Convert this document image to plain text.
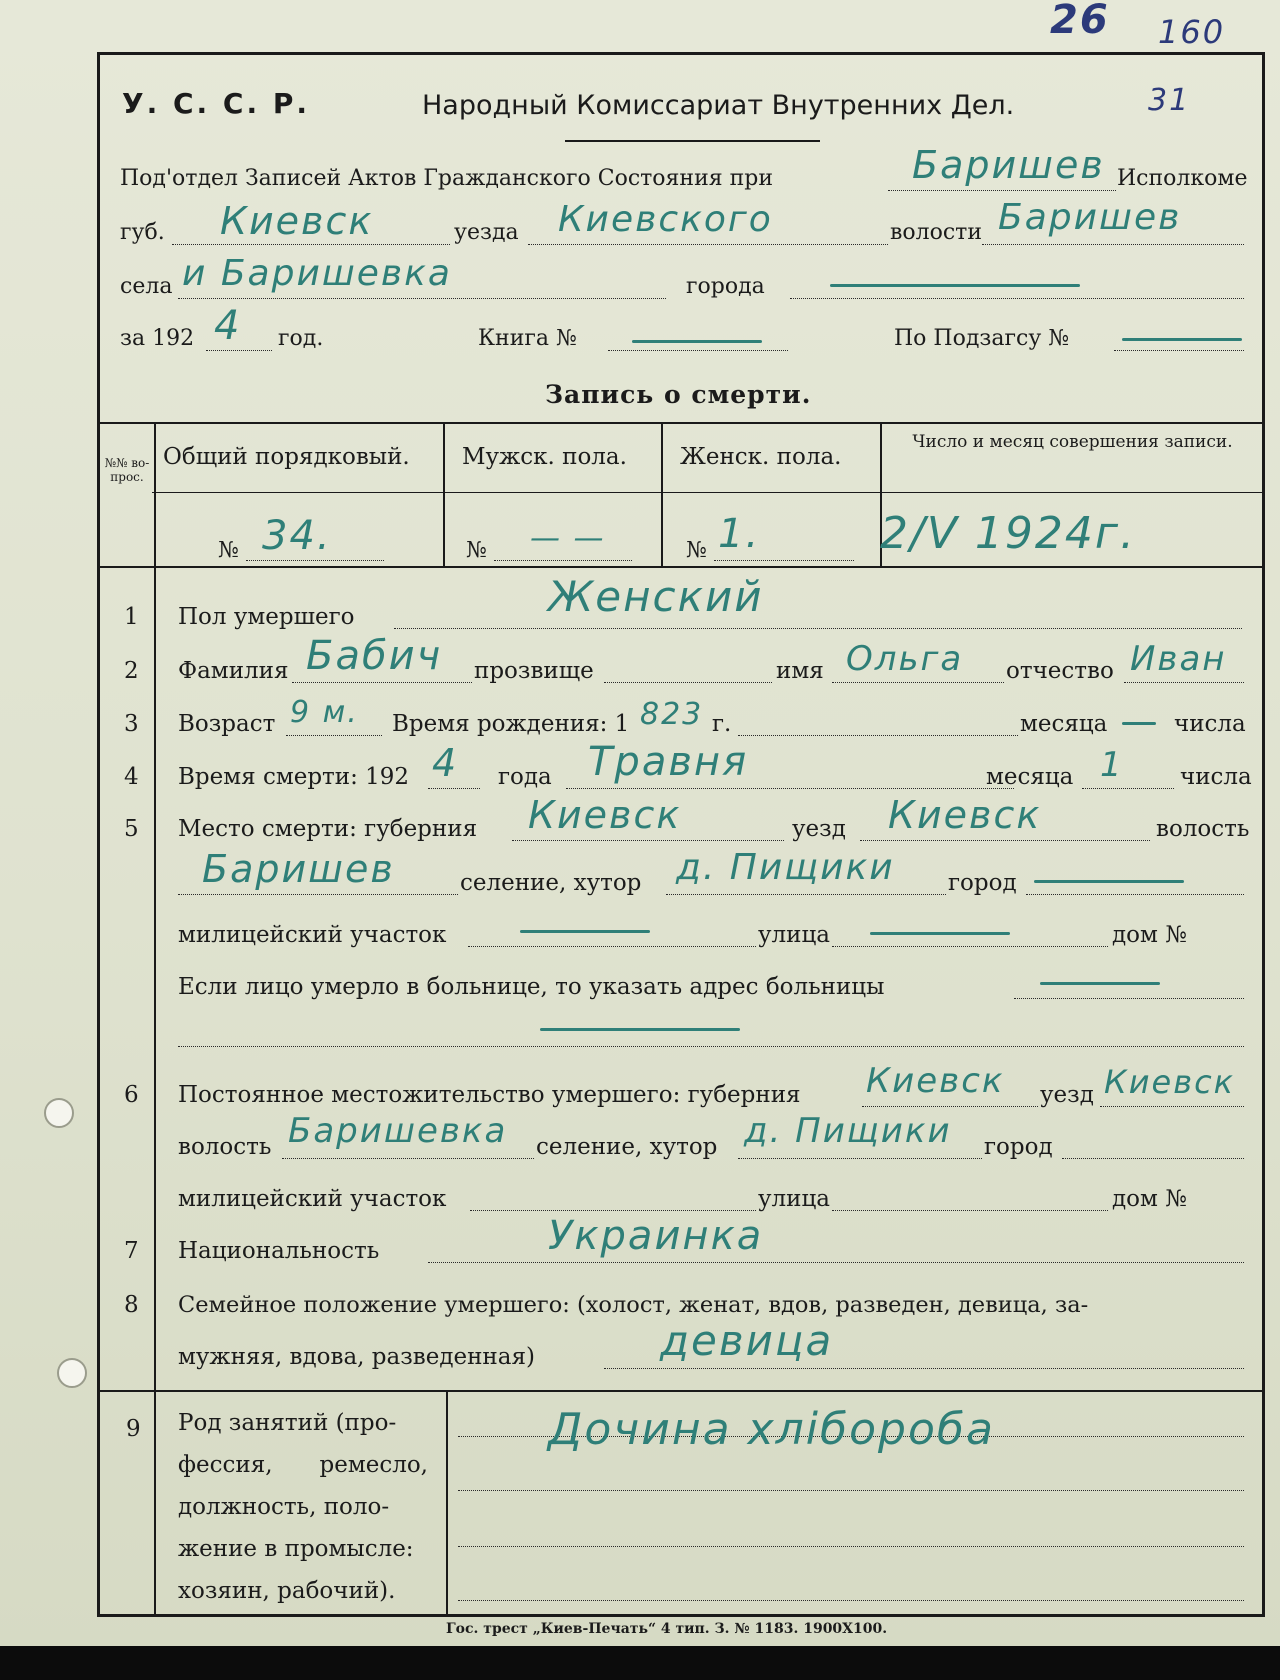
26 160
У. С. С. Р.	Народный Комиссариат Внутренних Дел.	31
Под'отдел Записей Актов Гражданского Состояния при	Баришев Исполкоме
губ. Киевск	уезда Киевского	волости Баришев
села и Баришевка	города
за 192 4 год.	Книга №	По Подзагсу №
Запись о смерти.
№№ во-прос.
Общий порядковый. Мужск. пола. Женск. пола.
Число и месяц совершения записи.
№ 34.	№ — —	№ 1.	2/V 1924г.
1 Пол умершего	Женский
2 Фамилия Бабич прозвище	имя Ольга отчество Иван
3 Возраст 9 м. Время рождения: 1 823 г.	месяца	числа
4 Время смерти: 192 4 года Травня	месяца 1 числа
5 Место смерти: губерния Киевск	уезд Киевск	волость
Баришев	селение, хутор д. Пищики город
милицейский участок	улица	дом №
Если лицо умерло в больнице, то указать адрес больницы
6 Постоянное местожительство умершего: губерния Киевск уезд Киевск
волость Баришевка селение, хутор д. Пищики город
милицейский участок	улица	дом №
7 Национальность	Украинка
8 Семейное положение умершего: (холост, женат, вдов, разведен, девица, за-
мужняя, вдова, разведенная)	девица
9 Род занятий (про-
фессия, ремесло,
должность, поло-
жение в промысле:
хозяин, рабочий).
Дочина хлібороба
Гос. трест „Киев-Печать“ 4 тип. З. № 1183. 1900Х100.
